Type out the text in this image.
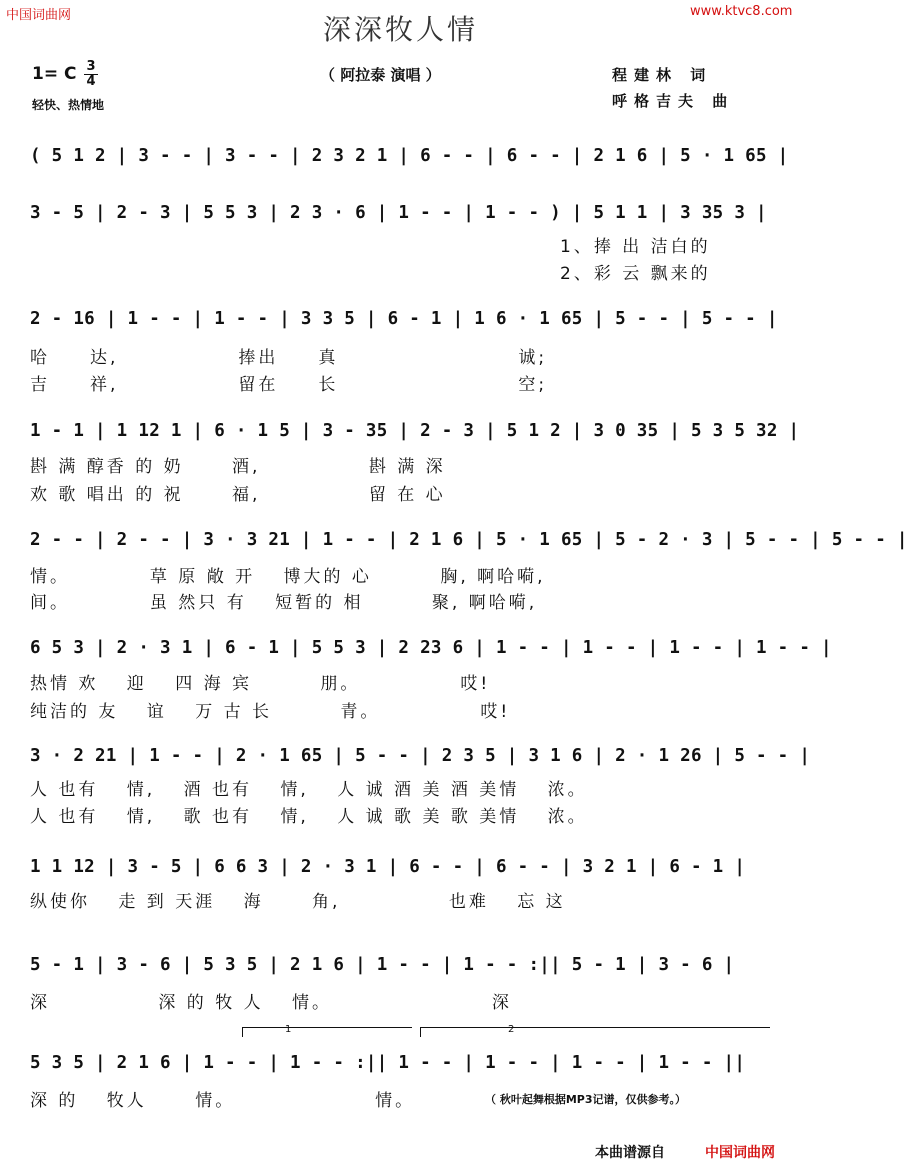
中国词曲网	www.ktvc8.com
深深牧人情
1= C 3
4
轻快、热情地
（ 阿拉泰 演唱 ）	程建林 词
呼格吉夫 曲
( 5 1 2 | 3 - - | 3 - - | 2 3 2 1 | 6 - - | 6 - - | 2 1 6 | 5 · 1 65 |
3 - 5 | 2 - 3 | 5 5 3 | 2 3 · 6 | 1 - - | 1 - - ) | 5 1 1 | 3 35 3 |
1、捧 出 洁白的
2、彩 云 飘来的
2 - 16 | 1 - - | 1 - - | 3 3 5 | 6 - 1 | 1 6 · 1 65 | 5 - - | 5 - - |
哈　　达,　　　　　　捧出　　真　　　　　　　　　诚;
吉　　祥,　　　　　　留在　　长　　　　　　　　　空;
1 - 1 | 1 12 1 | 6 · 1 5 | 3 - 35 | 2 - 3 | 5 1 2 | 3 0 35 | 5 3 5 32 |
斟 满 醇香 的 奶　　 酒,　　　　　 斟 满 深
欢 歌 唱出 的 祝　　 福,　　　　　 留 在 心
2 - - | 2 - - | 3 · 3 21 | 1 - - | 2 1 6 | 5 · 1 65 | 5 - 2 · 3 | 5 - - | 5 - - |
情。　　　　 草 原 敞 开　 博大的 心　　　 胸, 啊哈嗬,
间。　　　　 虽 然只 有　 短暂的 相　　　 聚, 啊哈嗬,
6 5 3 | 2 · 3 1 | 6 - 1 | 5 5 3 | 2 23 6 | 1 - - | 1 - - | 1 - - | 1 - - |
热情 欢　 迎　 四 海 宾　　　 朋。　　　　　 哎!
纯洁的 友　 谊　 万 古 长　　　 青。　　　　　 哎!
3 · 2 21 | 1 - - | 2 · 1 65 | 5 - - | 2 3 5 | 3 1 6 | 2 · 1 26 | 5 - - |
人 也有　 情,　 酒 也有　 情,　 人 诚 酒 美 酒 美情　 浓。
人 也有　 情,　 歌 也有　 情,　 人 诚 歌 美 歌 美情　 浓。
1 1 12 | 3 - 5 | 6 6 3 | 2 · 3 1 | 6 - - | 6 - - | 3 2 1 | 6 - 1 |
纵使你　 走 到 天涯　 海　　 角,　　　　　 也难　 忘 这
5 - 1 | 3 - 6 | 5 3 5 | 2 1 6 | 1 - - | 1 - - :|| 5 - 1 | 3 - 6 |
深　　　　　 深 的 牧 人　 情。　　　　　　　　 深
1	2
5 3 5 | 2 1 6 | 1 - - | 1 - - :|| 1 - - | 1 - - | 1 - - | 1 - - ||
深 的　 牧人　　 情。　　　　　　　 情。	（ 秋叶起舞根据MP3记谱，仅供参考。）
本曲谱源自	中国词曲网
